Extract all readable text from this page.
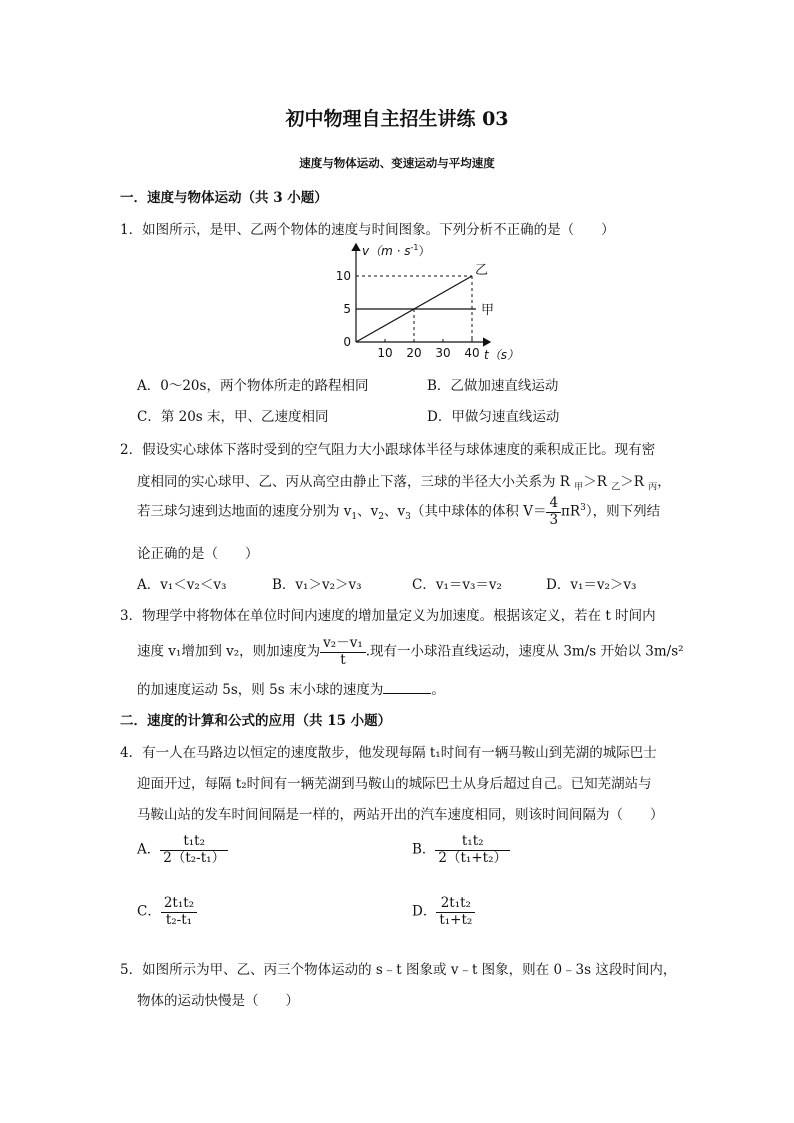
初中物理自主招生讲练 03
速度与物体运动、变速运动与平均速度
一．速度与物体运动（共 3 小题）
1．如图所示，是甲、乙两个物体的速度与时间图象。下列分析不正确的是（　　）
0
5
10
10 20 30 40
甲
乙
$v(m \cdot s^{-1})$
t（s）
A．0～20s，两个物体所走的路程相同	B．乙做加速直线运动
C．第 20s 末，甲、乙速度相同	D．甲做匀速直线运动
2．假设实心球体下落时受到的空气阻力大小跟球体半径与球体速度的乘积成正比。现有密
度相同的实心球甲、乙、丙从高空由静止下落，三球的半径大小关系为 R $_甲$＞R $_乙$＞R $_丙$，
若三球匀速到达地面的速度分别为 $v_1$、$v_2$、$v_3$（其中球体的体积 $V= \frac{4}{3} \pi R^3$），则下列结
论正确的是（　　）
A．v₁＜v₂＜v₃	B．v₁＞v₂＞v₃	C．v₁＝v₃＝v₂	D．v₁＝v₂＞v₃
3．物理学中将物体在单位时间内速度的增加量定义为加速度。根据该定义，若在 t 时间内
速度 v₁增加到 v₂，则加速度为 $\frac{\text{v₂－v₁}}{t}$ .现有一小球沿直线运动，速度从 3m/s 开始以 3m/s²
的加速度运动 5s，则 5s 末小球的速度为	。
二．速度的计算和公式的应用（共 15 小题）
4．有一人在马路边以恒定的速度散步，他发现每隔 t₁时间有一辆马鞍山到芜湖的城际巴士
迎面开过，每隔 t₂时间有一辆芜湖到马鞍山的城际巴士从身后超过自己。已知芜湖站与
马鞍山站的发车时间间隔是一样的，两站开出的汽车速度相同，则该时间间隔为（　　）
A． $\frac{\text{t₁t₂}}{\text{2（t₂-t₁）}}$	B． $\frac{\text{t₁t₂}}{\text{2（t₁+t₂）}}$
C． $\frac{\text{2t₁t₂}}{\text{t₂-t₁}}$	D． $\frac{\text{2t₁t₂}}{\text{t₁+t₂}}$
5．如图所示为甲、乙、丙三个物体运动的 s﹣t 图象或 v﹣t 图象，则在 0﹣3s 这段时间内，
物体的运动快慢是（　　）
